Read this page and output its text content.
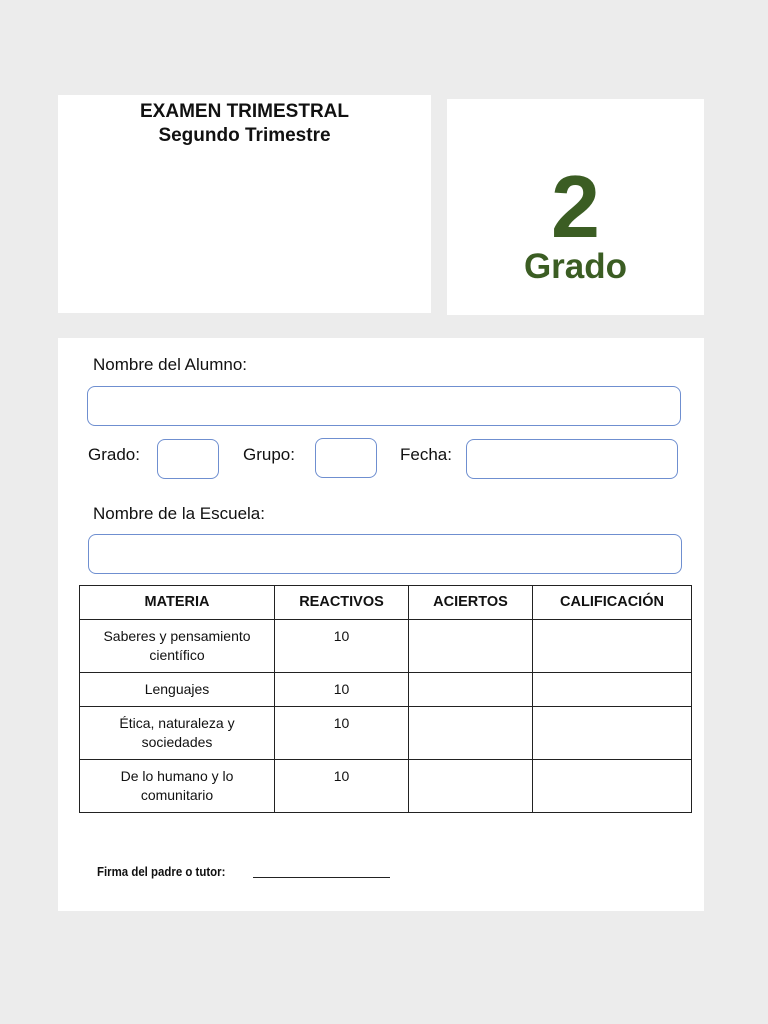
EXAMEN TRIMESTRAL
Segundo Trimestre
2
Grado
Nombre del Alumno:
Grado:	Grupo:	Fecha:
Nombre de la Escuela:
MATERIA	REACTIVOS	ACIERTOS	CALIFICACIÓN
Saberes y pensamiento científico	10		
Lenguajes	10		
Ética, naturaleza y sociedades	10		
De lo humano y lo comunitario	10		
Firma del padre o tutor:
